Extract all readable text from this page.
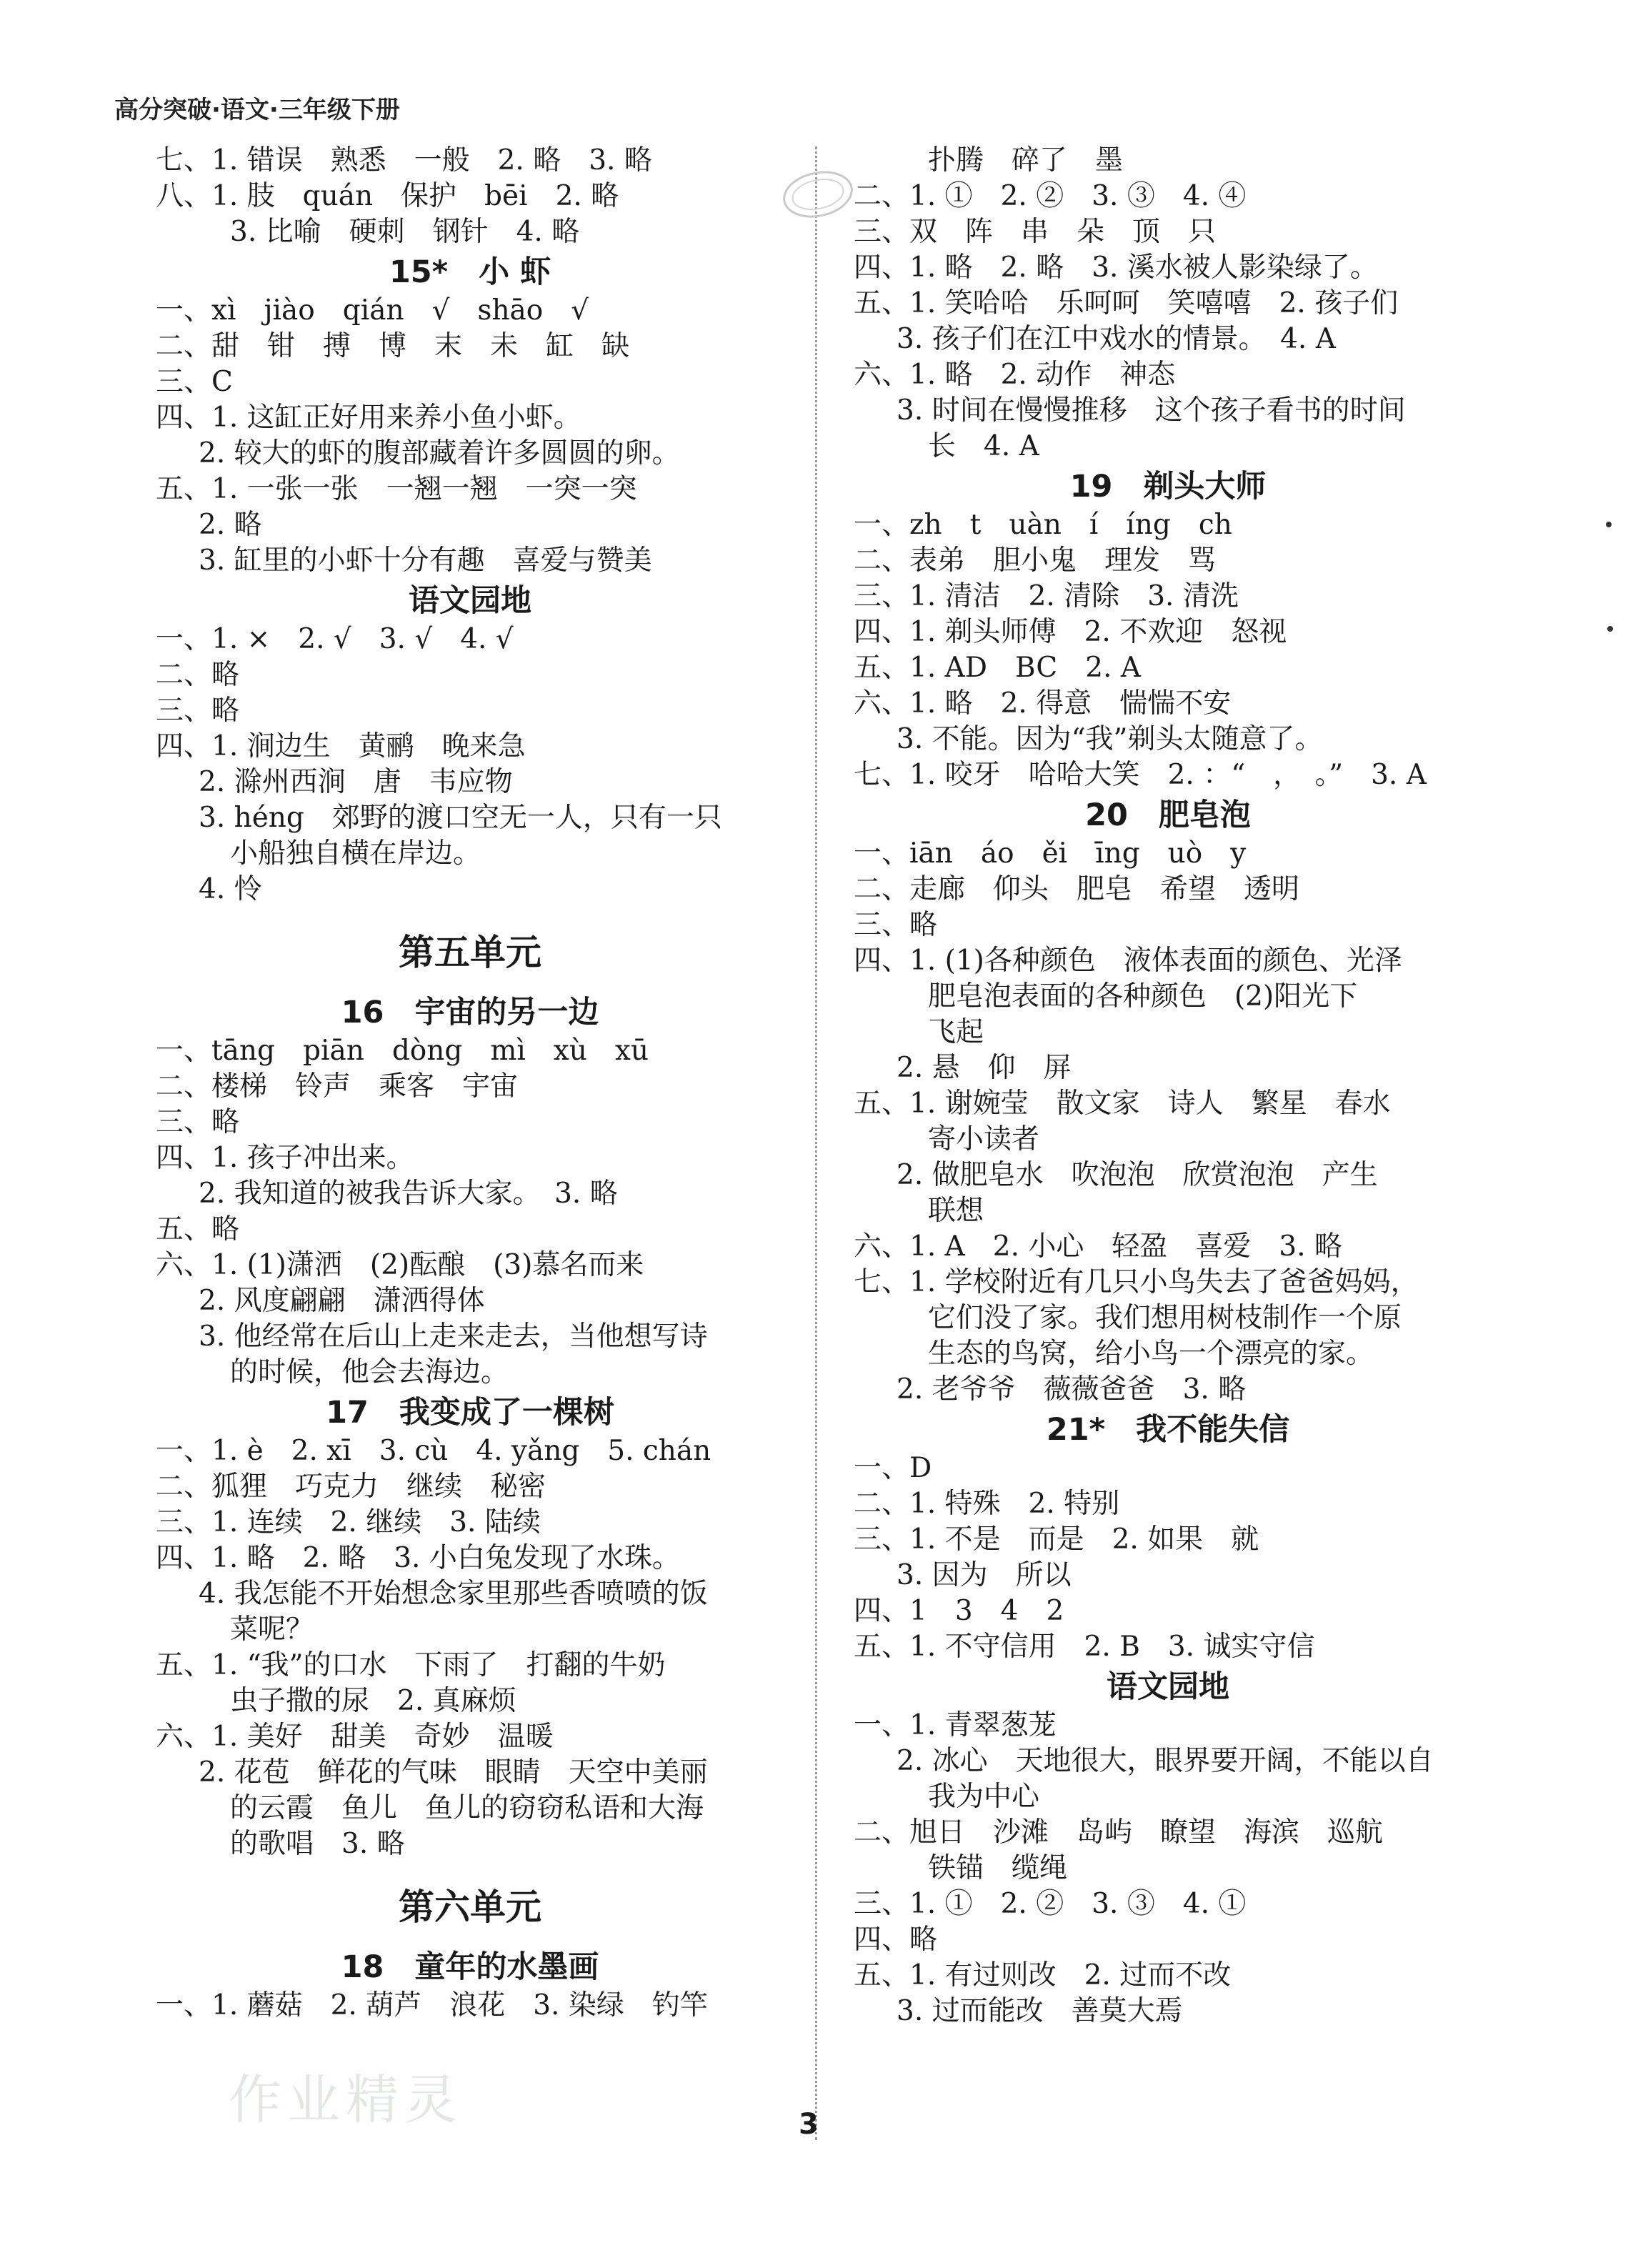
高分突破·语文·三年级下册
七、1. 错误　熟悉　一般　2. 略　3. 略
八、1. 肢　quán　保护　bēi　2. 略
3. 比喻　硬刺　钢针　4. 略
15*　小 虾
一、xì　jiào　qián　√　shāo　√
二、甜　钳　搏　博　末　未　缸　缺
三、C
四、1. 这缸正好用来养小鱼小虾。
2. 较大的虾的腹部藏着许多圆圆的卵。
五、1. 一张一张　一翘一翘　一突一突
2. 略
3. 缸里的小虾十分有趣　喜爱与赞美
语文园地
一、1. ×　2. √　3. √　4. √
二、略
三、略
四、1. 涧边生　黄鹂　晚来急
2. 滁州西涧　唐　韦应物
3. héng　郊野的渡口空无一人，只有一只
小船独自横在岸边。
4. 怜
第五单元
16　宇宙的另一边
一、tāng　piān　dòng　mì　xù　xū
二、楼梯　铃声　乘客　宇宙
三、略
四、1. 孩子冲出来。
2. 我知道的被我告诉大家。　3. 略
五、略
六、1. (1)潇洒　(2)酝酿　(3)慕名而来
2. 风度翩翩　潇洒得体
3. 他经常在后山上走来走去，当他想写诗
的时候，他会去海边。
17　我变成了一棵树
一、1. è　2. xī　3. cù　4. yǎng　5. chán
二、狐狸　巧克力　继续　秘密
三、1. 连续　2. 继续　3. 陆续
四、1. 略　2. 略　3. 小白兔发现了水珠。
4. 我怎能不开始想念家里那些香喷喷的饭
菜呢？
五、1. “我”的口水　下雨了　打翻的牛奶
虫子撒的尿　2. 真麻烦
六、1. 美好　甜美　奇妙　温暖
2. 花苞　鲜花的气味　眼睛　天空中美丽
的云霞　鱼儿　鱼儿的窃窃私语和大海
的歌唱　3. 略
第六单元
18　童年的水墨画
一、1. 蘑菇　2. 葫芦　浪花　3. 染绿　钓竿
扑腾　碎了　墨
二、1. ①　2. ②　3. ③　4. ④
三、双　阵　串　朵　顶　只
四、1. 略　2. 略　3. 溪水被人影染绿了。
五、1. 笑哈哈　乐呵呵　笑嘻嘻　2. 孩子们
3. 孩子们在江中戏水的情景。　4. A
六、1. 略　2. 动作　神态
3. 时间在慢慢推移　这个孩子看书的时间
长　4. A
19　剃头大师
一、zh　t　uàn　í　íng　ch
二、表弟　胆小鬼　理发　骂
三、1. 清洁　2. 清除　3. 清洗
四、1. 剃头师傅　2. 不欢迎　怒视
五、1. AD　BC　2. A
六、1. 略　2. 得意　惴惴不安
3. 不能。因为“我”剃头太随意了。
七、1. 咬牙　哈哈大笑　2. ：“　，　。”　3. A
20　肥皂泡
一、iān　áo　ěi　īng　uò　y
二、走廊　仰头　肥皂　希望　透明
三、略
四、1. (1)各种颜色　液体表面的颜色、光泽
肥皂泡表面的各种颜色　(2)阳光下
飞起
2. 悬　仰　屏
五、1. 谢婉莹　散文家　诗人　繁星　春水
寄小读者
2. 做肥皂水　吹泡泡　欣赏泡泡　产生
联想
六、1. A　2. 小心　轻盈　喜爱　3. 略
七、1. 学校附近有几只小鸟失去了爸爸妈妈，
它们没了家。我们想用树枝制作一个原
生态的鸟窝，给小鸟一个漂亮的家。
2. 老爷爷　薇薇爸爸　3. 略
21*　我不能失信
一、D
二、1. 特殊　2. 特别
三、1. 不是　而是　2. 如果　就
3. 因为　所以
四、1　3　4　2
五、1. 不守信用　2. B　3. 诚实守信
语文园地
一、1. 青翠葱茏
2. 冰心　天地很大，眼界要开阔，不能以自
我为中心
二、旭日　沙滩　岛屿　瞭望　海滨　巡航
铁锚　缆绳
三、1. ①　2. ②　3. ③　4. ①
四、略
五、1. 有过则改　2. 过而不改
3. 过而能改　善莫大焉
作业精灵	3
